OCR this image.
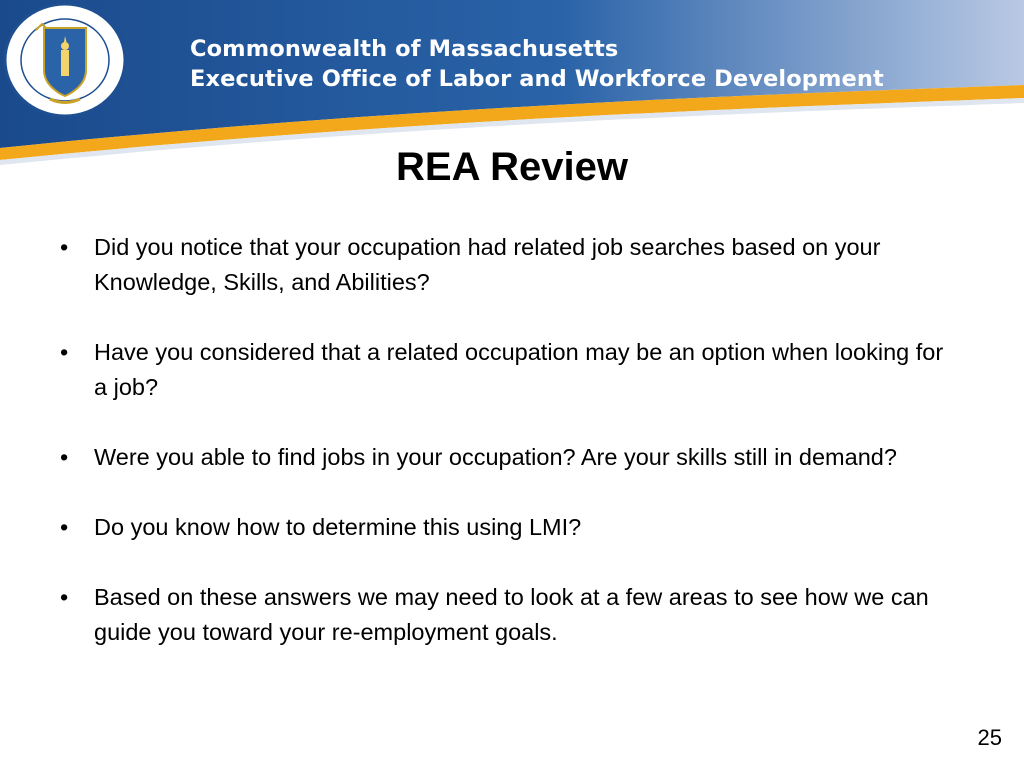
Commonwealth of Massachusetts
Executive Office of Labor and Workforce Development
REA Review
• Did you notice that your occupation had related job searches based on your Knowledge, Skills, and Abilities?
• Have you considered that a related occupation may be an option when looking for a job?
• Were you able to find jobs in your occupation? Are your skills still in demand?
• Do you know how to determine this using LMI?
• Based on these answers we may need to look at a few areas to see how we can guide you toward your re-employment goals.
25
